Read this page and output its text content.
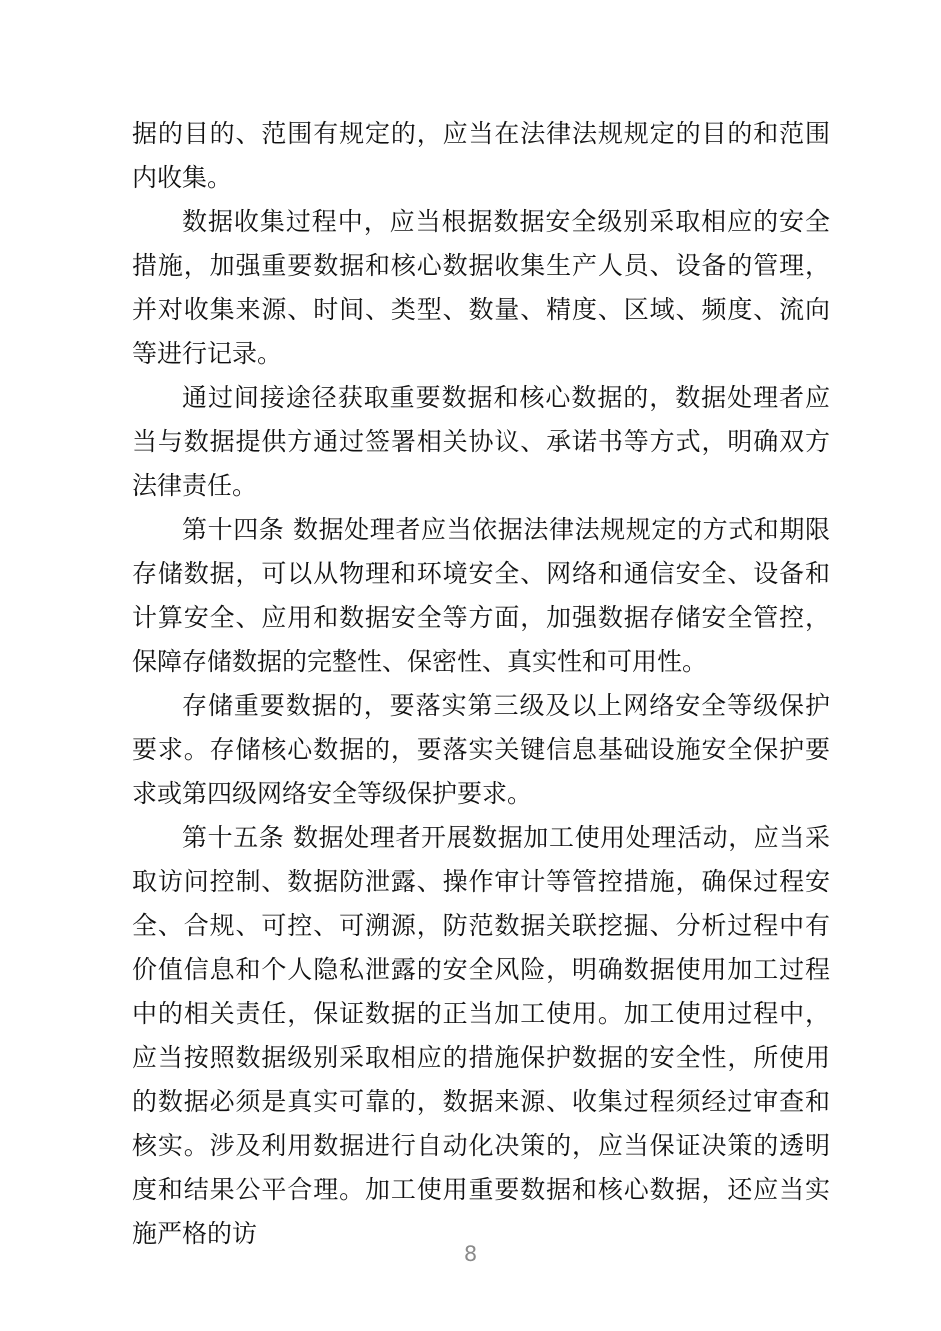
据的目的、范围有规定的，应当在法律法规规定的目的和范围内收集。

数据收集过程中，应当根据数据安全级别采取相应的安全措施，加强重要数据和核心数据收集生产人员、设备的管理，并对收集来源、时间、类型、数量、精度、区域、频度、流向等进行记录。

通过间接途径获取重要数据和核心数据的，数据处理者应当与数据提供方通过签署相关协议、承诺书等方式，明确双方法律责任。

第十四条 数据处理者应当依据法律法规规定的方式和期限存储数据，可以从物理和环境安全、网络和通信安全、设备和计算安全、应用和数据安全等方面，加强数据存储安全管控，保障存储数据的完整性、保密性、真实性和可用性。

存储重要数据的，要落实第三级及以上网络安全等级保护要求。存储核心数据的，要落实关键信息基础设施安全保护要求或第四级网络安全等级保护要求。

第十五条 数据处理者开展数据加工使用处理活动，应当采取访问控制、数据防泄露、操作审计等管控措施，确保过程安全、合规、可控、可溯源，防范数据关联挖掘、分析过程中有价值信息和个人隐私泄露的安全风险，明确数据使用加工过程中的相关责任，保证数据的正当加工使用。加工使用过程中，应当按照数据级别采取相应的措施保护数据的安全性，所使用的数据必须是真实可靠的，数据来源、收集过程须经过审查和核实。涉及利用数据进行自动化决策的，应当保证决策的透明度和结果公平合理。加工使用重要数据和核心数据，还应当实施严格的访

8
